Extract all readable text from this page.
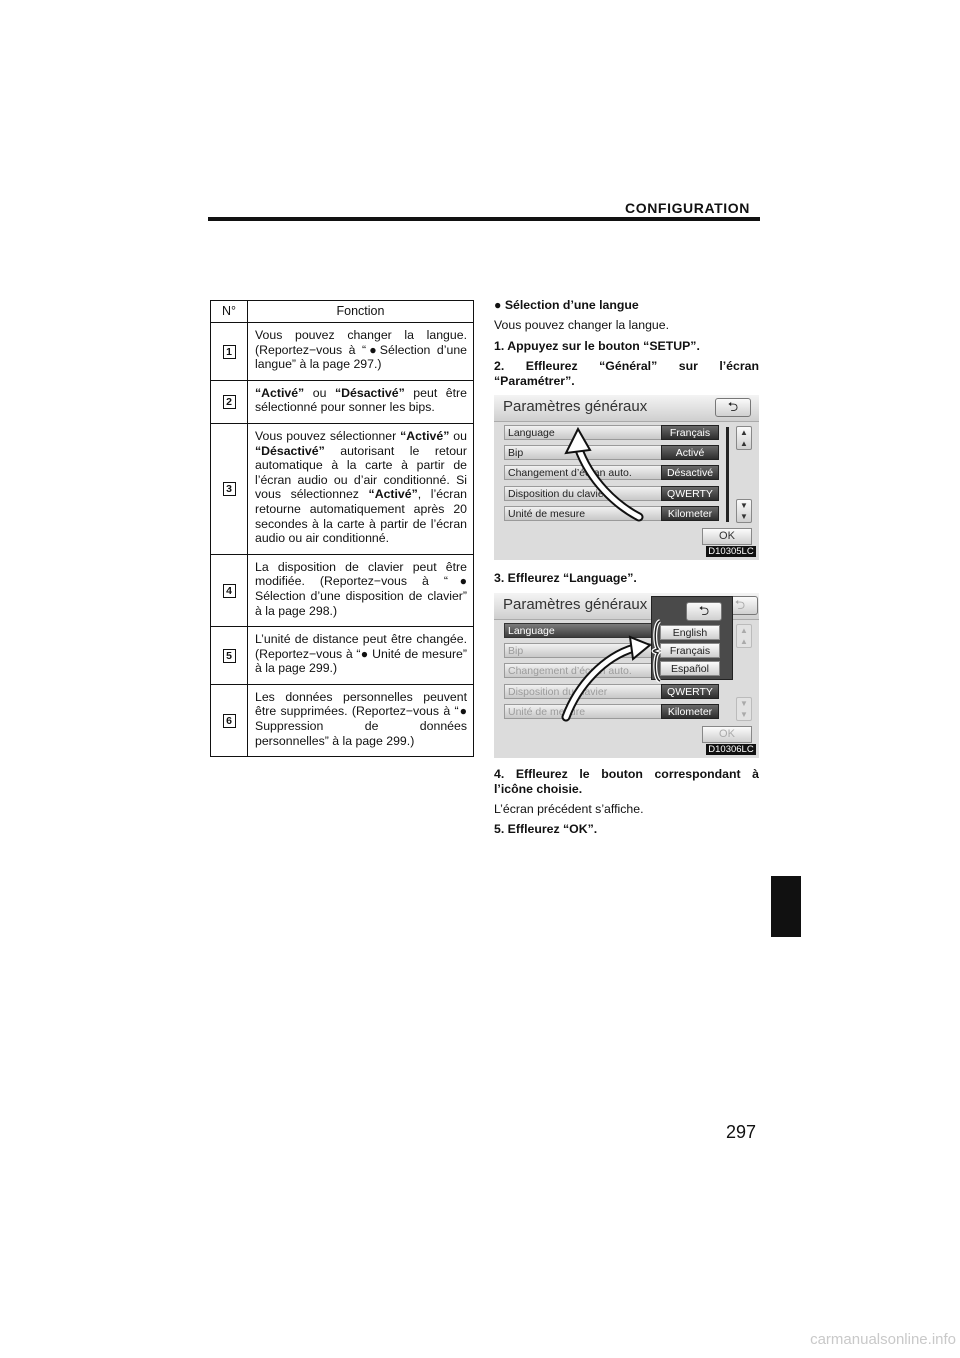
CONFIGURATION
N°	Fonction
1	Vous pouvez changer la langue. (Reportez−vous à “●Sélection d’une langue” à la page 297.)
2	“Activé” ou “Désactivé” peut être sélectionné pour sonner les bips.
3	Vous pouvez sélectionner “Activé” ou “Désactivé” autorisant le retour automatique à la carte à partir de l’écran audio ou d’air conditionné. Si vous sélectionnez “Activé”, l’écran retourne automatiquement après 20 secondes à la carte à partir de l’écran audio ou air conditionné.
4	La disposition de clavier peut être modifiée. (Reportez−vous à “● Sélection d’une disposition de clavier” à la page 298.)
5	L’unité de distance peut être changée. (Reportez−vous à “● Unité de mesure” à la page 299.)
6	Les données personnelles peuvent être supprimées. (Reportez−vous à “● Suppression de données personnelles” à la page 299.)
● Sélection d’une langue
Vous pouvez changer la langue.
1. Appuyez sur le bouton “SETUP”.
2. Effleurez “Général” sur l’écran “Paramétrer”.
Paramètres généraux	⮌
Language
Bip
Changement d’écran auto.
Disposition du clavier
Unité de mesure
Français
Activé
Désactivé
QWERTY
Kilometer
▲
▲
▼
▼
OK
D10305LC
3. Effleurez “Language”.
Paramètres généraux	⮌
Language
Bip
Changement d’écran auto.
Disposition du clavier
Unité de mesure
QWERTY
Kilometer
▲
▲
▼
▼
OK
D10306LC
⮌
English
Français
Español
4. Effleurez le bouton correspondant à l’icône choisie.
L’écran précédent s’affiche.
5. Effleurez “OK”.
297
carmanualsonline.info
